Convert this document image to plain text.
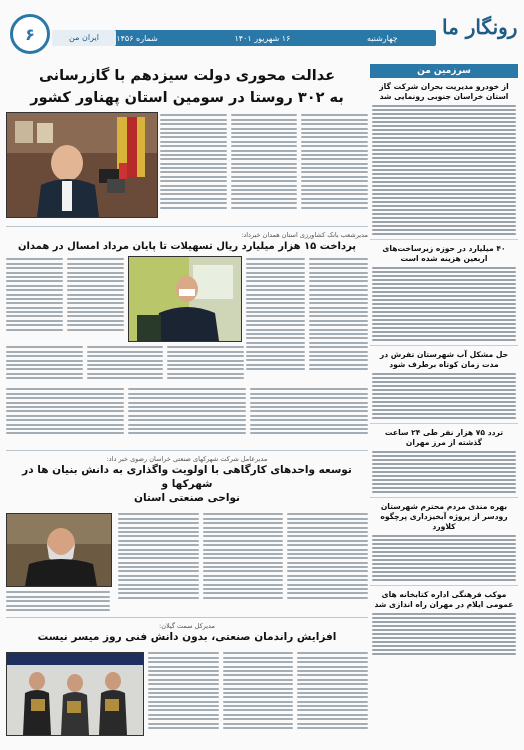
رونگار ما
چهارشنبه
۱۶ شهریور ۱۴۰۱
شماره ۱۴۵۶
ایران من
۶
سرزمین من
از خودرو مدیریت بحران شرکت گاز استان خراسان جنوبی رونمایی شد
۴۰ میلیارد در حوزه زیرساخت‌های اربعین هزینه شده است
حل مشکل آب شهرستان تفرش در مدت زمان کوتاه برطرف شود
تردد ۷۵ هزار نفر طی ۲۴ ساعت گذشته از مرز مهران
بهره مندی مردم محترم شهرستان رودسر از پروژه آبخیزداری پرچگوه کلاورد
موکب فرهنگی اداره کتابخانه های عمومی ایلام در مهران راه اندازی شد
عدالت محوری دولت سیزدهم با گازرسانی
به ۳۰۲ روستا در سومین استان پهناور کشور
مدیرشعب بانک کشاورزی استان همدان خبرداد:
پرداخت ۱۵ هزار میلیارد ریال تسهیلات تا پایان مرداد امسال در همدان
مدیرعامل شرکت شهرکهای صنعتی خراسان رضوی خبر داد:
توسعه واحدهای کارگاهی با اولویت واگذاری به دانش بنیان ها در شهرکها و
نواحی صنعتی استان
مدیرکل سمت گیلان:
افزایش راندمان صنعتی، بدون دانش فنی روز میسر نیست
